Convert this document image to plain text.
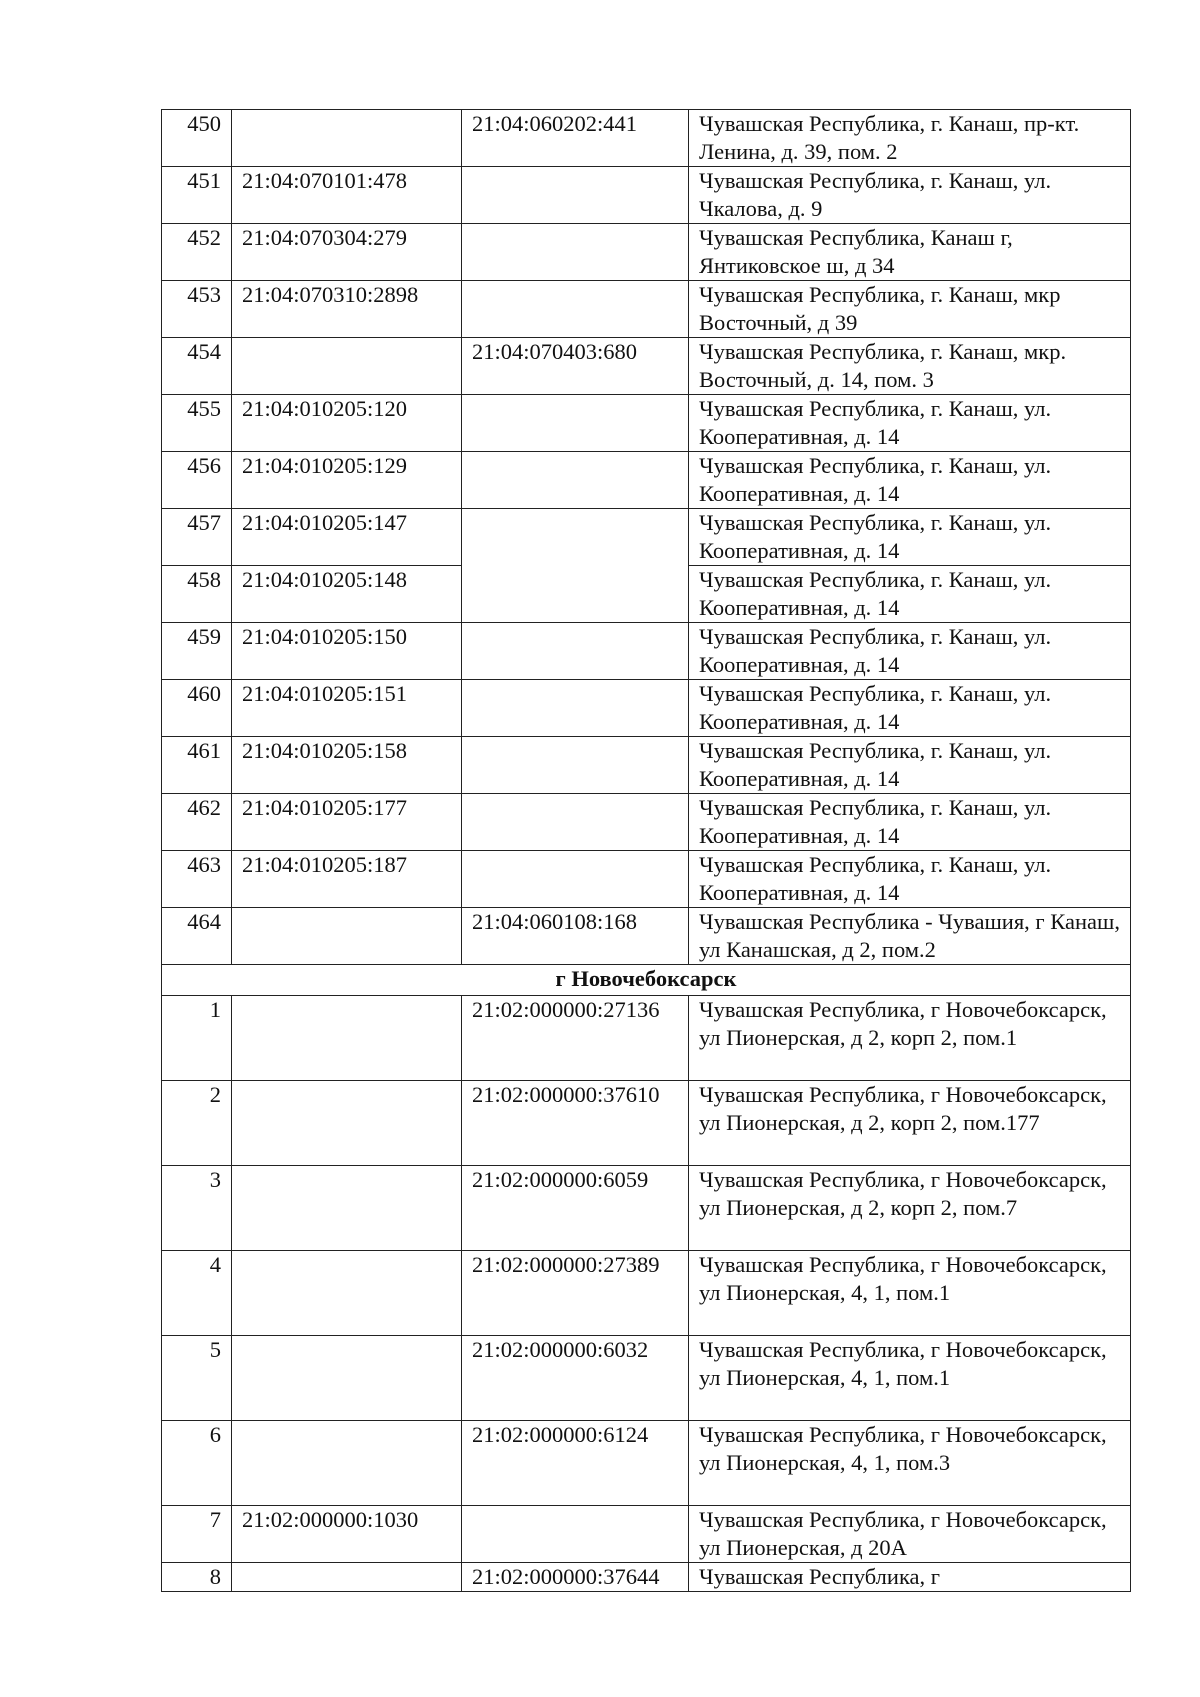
450		21:04:060202:441	Чувашская Республика, г. Канаш, пр-кт. Ленина, д. 39, пом. 2
451	21:04:070101:478		Чувашская Республика, г. Канаш, ул. Чкалова, д. 9
452	21:04:070304:279		Чувашская Республика, Канаш г, Янтиковское ш, д 34
453	21:04:070310:2898		Чувашская Республика, г. Канаш, мкр Восточный, д 39
454		21:04:070403:680	Чувашская Республика, г. Канаш, мкр. Восточный, д. 14, пом. 3
455	21:04:010205:120		Чувашская Республика, г. Канаш, ул. Кооперативная, д. 14
456	21:04:010205:129		Чувашская Республика, г. Канаш, ул. Кооперативная, д. 14
457	21:04:010205:147		Чувашская Республика, г. Канаш, ул. Кооперативная, д. 14
458	21:04:010205:148		Чувашская Республика, г. Канаш, ул. Кооперативная, д. 14
459	21:04:010205:150		Чувашская Республика, г. Канаш, ул. Кооперативная, д. 14
460	21:04:010205:151		Чувашская Республика, г. Канаш, ул. Кооперативная, д. 14
461	21:04:010205:158		Чувашская Республика, г. Канаш, ул. Кооперативная, д. 14
462	21:04:010205:177		Чувашская Республика, г. Канаш, ул. Кооперативная, д. 14
463	21:04:010205:187		Чувашская Республика, г. Канаш, ул. Кооперативная, д. 14
464		21:04:060108:168	Чувашская Республика - Чувашия, г Канаш, ул Канашская, д 2, пом.2
г Новочебоксарск			
1		21:02:000000:27136	Чувашская Республика, г Новочебоксарск, ул Пионерская, д 2, корп 2, пом.1
2		21:02:000000:37610	Чувашская Республика, г Новочебоксарск, ул Пионерская, д 2, корп 2, пом.177
3		21:02:000000:6059	Чувашская Республика, г Новочебоксарск, ул Пионерская, д 2, корп 2, пом.7
4		21:02:000000:27389	Чувашская Республика, г Новочебоксарск, ул Пионерская, 4, 1, пом.1
5		21:02:000000:6032	Чувашская Республика, г Новочебоксарск, ул Пионерская, 4, 1, пом.1
6		21:02:000000:6124	Чувашская Республика, г Новочебоксарск, ул Пионерская, 4, 1, пом.3
7	21:02:000000:1030		Чувашская Республика, г Новочебоксарск, ул Пионерская, д 20А
8		21:02:000000:37644	Чувашская Республика, г
